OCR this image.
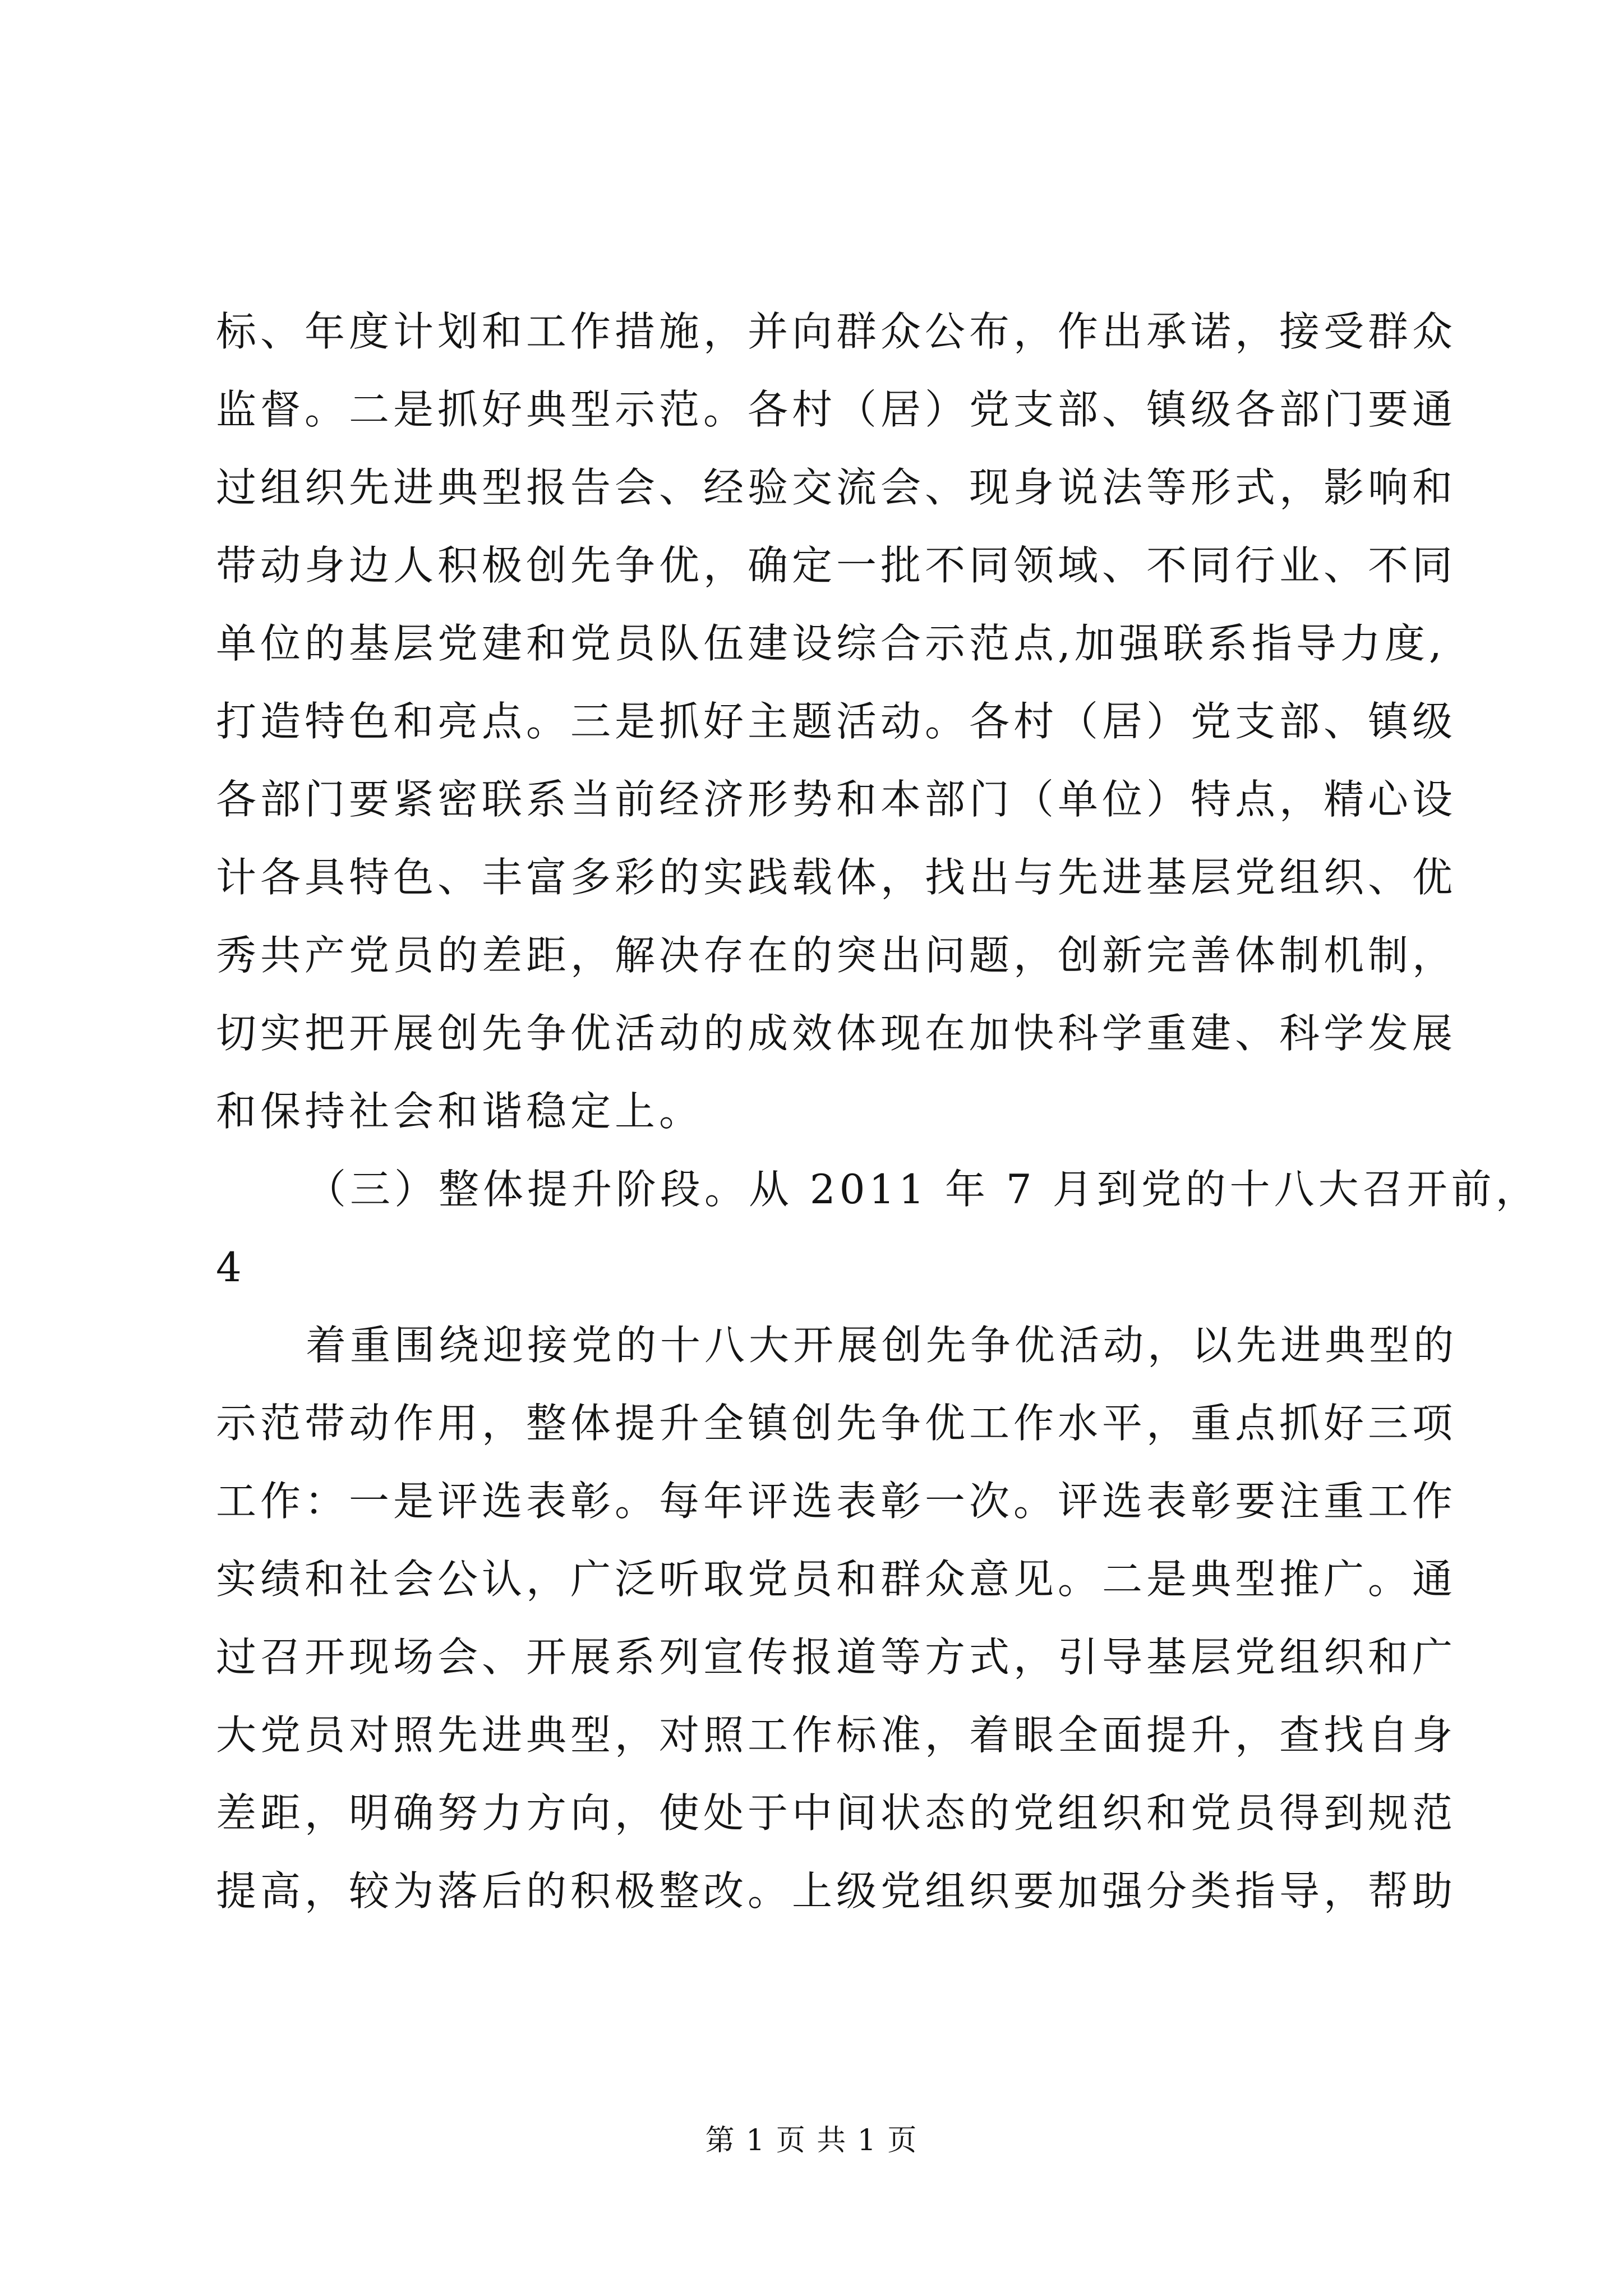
标、年度计划和工作措施，并向群众公布，作出承诺，接受群众
监督。二是抓好典型示范。各村（居）党支部、镇级各部门要通
过组织先进典型报告会、经验交流会、现身说法等形式，影响和
带动身边人积极创先争优，确定一批不同领域、不同行业、不同
单位的基层党建和党员队伍建设综合示范点,加强联系指导力度,
打造特色和亮点。三是抓好主题活动。各村（居）党支部、镇级
各部门要紧密联系当前经济形势和本部门（单位）特点，精心设
计各具特色、丰富多彩的实践载体，找出与先进基层党组织、优
秀共产党员的差距，解决存在的突出问题，创新完善体制机制，
切实把开展创先争优活动的成效体现在加快科学重建、科学发展
和保持社会和谐稳定上。
（三）整体提升阶段。从 2011 年 7 月到党的十八大召开前，
4
着重围绕迎接党的十八大开展创先争优活动，以先进典型的
示范带动作用，整体提升全镇创先争优工作水平，重点抓好三项
工作：一是评选表彰。每年评选表彰一次。评选表彰要注重工作
实绩和社会公认，广泛听取党员和群众意见。二是典型推广。通
过召开现场会、开展系列宣传报道等方式，引导基层党组织和广
大党员对照先进典型，对照工作标准，着眼全面提升，查找自身
差距，明确努力方向，使处于中间状态的党组织和党员得到规范
提高，较为落后的积极整改。上级党组织要加强分类指导，帮助
第 1 页 共 1 页
